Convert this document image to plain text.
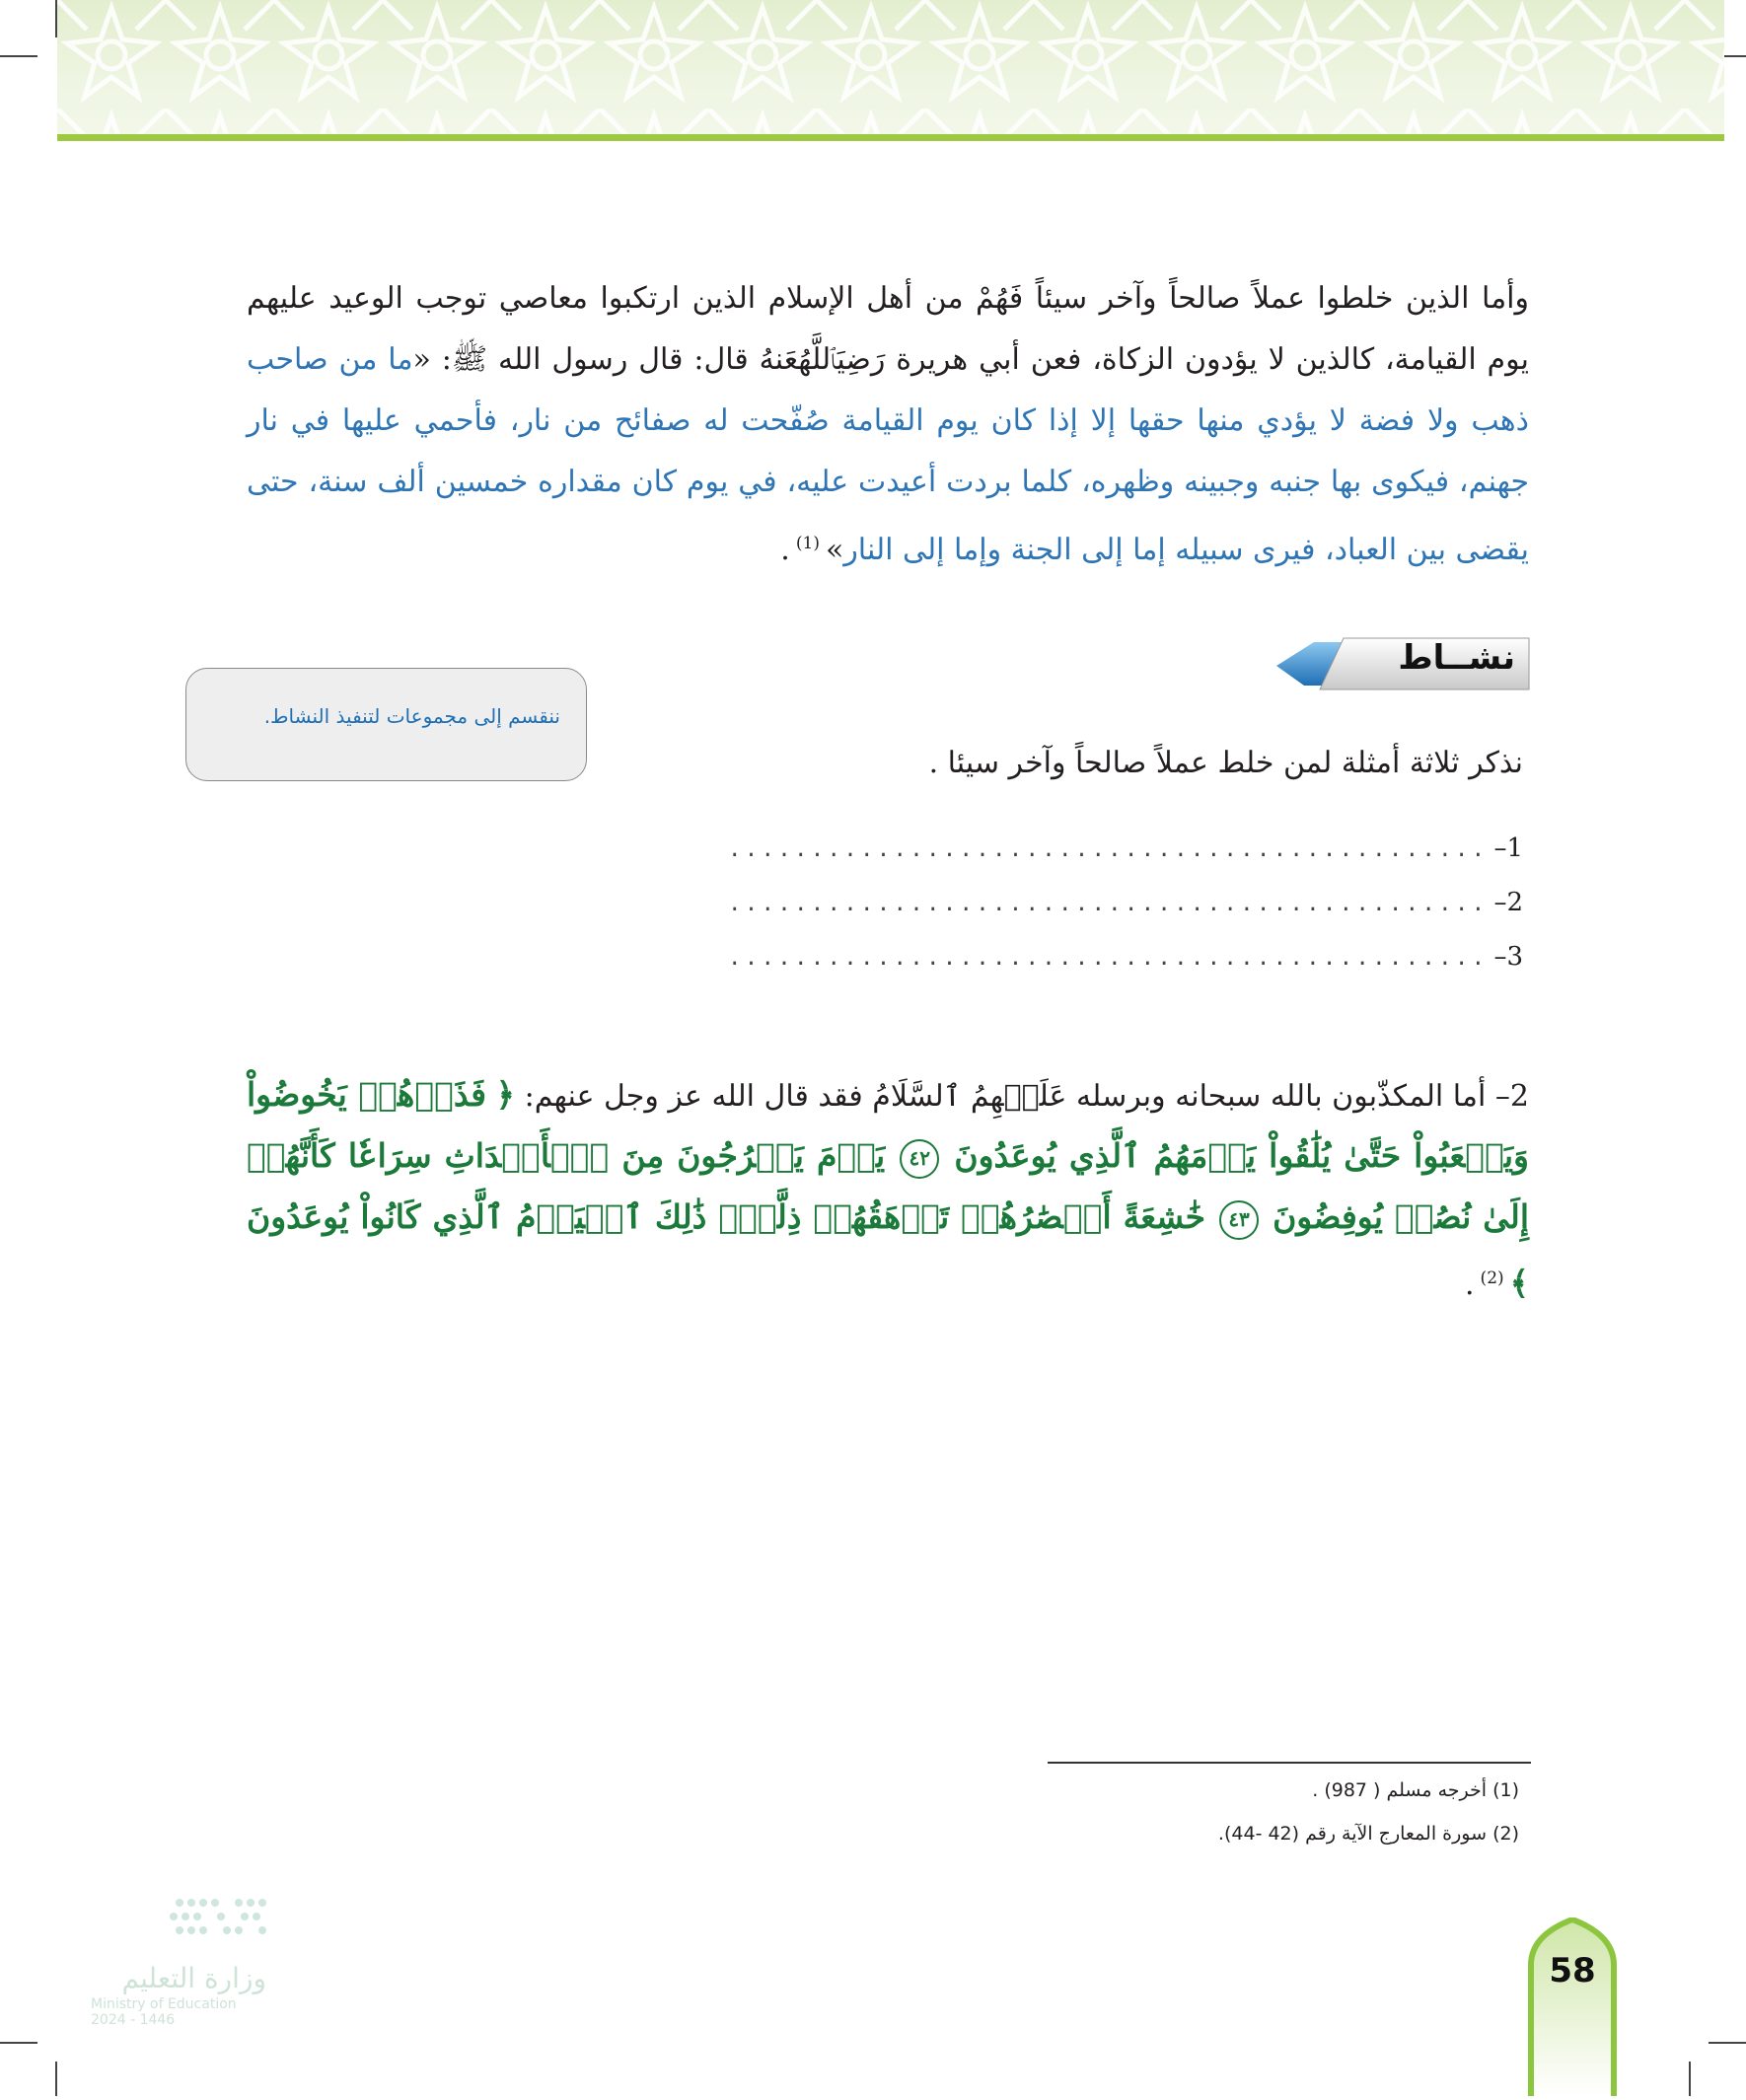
وأما الذين خلطوا عملاً صالحاً وآخر سيئاً فَهُمْ من أهل الإسلام الذين ارتكبوا معاصي توجب الوعيد عليهم يوم القيامة، كالذين لا يؤدون الزكاة، فعن أبي هريرة رَضِيَٱللَّهُعَنهُ قال: قال رسول الله ﷺ: «ما من صاحب ذهب ولا فضة لا يؤدي منها حقها إلا إذا كان يوم القيامة صُفّحت له صفائح من نار، فأحمي عليها في نار جهنم، فيكوى بها جنبه وجبينه وظهره، كلما بردت أعيدت عليه، في يوم كان مقداره خمسين ألف سنة، حتى يقضى بين العباد، فيرى سبيله إما إلى الجنة وإما إلى النار»$^{(1)}$.
نشــاط
ننقسم إلى مجموعات لتنفيذ النشاط.
نذكر ثلاثة أمثلة لمن خلط عملاً صالحاً وآخر سيئا .
1–..............................................
2–..............................................
3–..............................................
2– أما المكذّبون بالله سبحانه وبرسله عَلَيۡهِمُ ٱلسَّلَامُ فقد قال الله عز وجل عنهم: ﴿ فَذَرۡهُمۡ يَخُوضُواْ وَيَلۡعَبُواْ حَتَّىٰ يُلَٰقُواْ يَوۡمَهُمُ ٱلَّذِي يُوعَدُونَ ٤٢ يَوۡمَ يَخۡرُجُونَ مِنَ ٱلۡأَجۡدَاثِ سِرَاعٗا كَأَنَّهُمۡ إِلَىٰ نُصُبٖ يُوفِضُونَ ٤٣ خَٰشِعَةً أَبۡصَٰرُهُمۡ تَرۡهَقُهُمۡ ذِلَّةٞۚ ذَٰلِكَ ٱلۡيَوۡمُ ٱلَّذِي كَانُواْ يُوعَدُونَ ﴾$^{(2)}$.
(1) أخرجه مسلم ( 987) .
(2) سورة المعارج الآية رقم (42 -44).
وزارة التعليم
Ministry of Education
2024 - 1446
58
